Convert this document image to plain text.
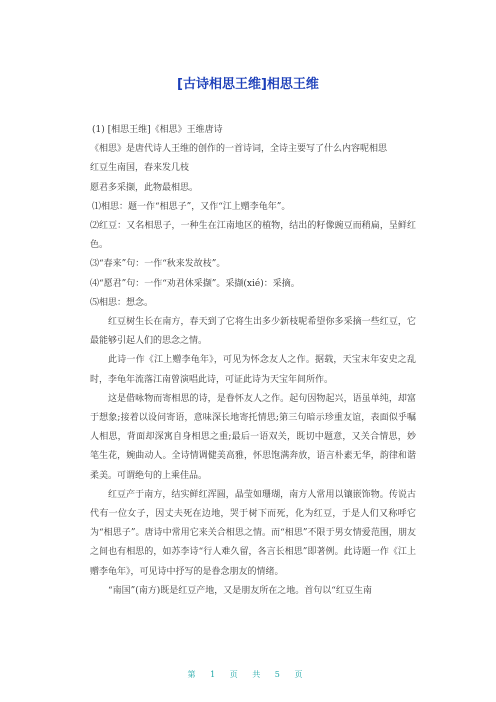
[古诗相思王维]相思王维

(1) [相思王维]《相思》王维唐诗

《相思》是唐代诗人王维的创作的一首诗词，全诗主要写了什么内容呢相思

红豆生南国，春来发几枝

愿君多采撷，此物最相思。

⑴相思：题一作“相思子”，又作“江上赠李龟年”。

⑵红豆：又名相思子，一种生在江南地区的植物，结出的籽像豌豆而稍扁，呈鲜红色。

⑶“春来”句：一作“秋来发故枝”。

⑷“愿君”句：一作“劝君休采撷”。采撷(xié)：采摘。

⑸相思：想念。

红豆树生长在南方，春天到了它将生出多少新枝呢希望你多采摘一些红豆，它最能够引起人们的思念之情。

此诗一作《江上赠李龟年》，可见为怀念友人之作。据载，天宝末年安史之乱时，李龟年流落江南曾演唱此诗，可证此诗为天宝年间所作。

这是借咏物而寄相思的诗，是眷怀友人之作。起句因物起兴，语虽单纯，却富于想象;接着以设问寄语，意味深长地寄托情思;第三句暗示珍重友谊，表面似乎嘱人相思，背面却深寓自身相思之重;最后一语双关，既切中题意，又关合情思，妙笔生花，婉曲动人。全诗情调健美高雅，怀思饱满奔放，语言朴素无华，韵律和谐柔美。可谓绝句的上乘佳品。

红豆产于南方，结实鲜红浑圆，晶莹如珊瑚，南方人常用以镶嵌饰物。传说古代有一位女子，因丈夫死在边地，哭于树下而死，化为红豆，于是人们又称呼它为“相思子”。唐诗中常用它来关合相思之情。而“相思”不限于男女情爱范围，朋友之间也有相思的，如苏李诗“行人难久留，各言长相思”即著例。此诗题一作《江上赠李龟年》，可见诗中抒写的是眷念朋友的情绪。

“南国”(南方)既是红豆产地，又是朋友所在之地。首句以“红豆生南

第 1 页 共 5 页
